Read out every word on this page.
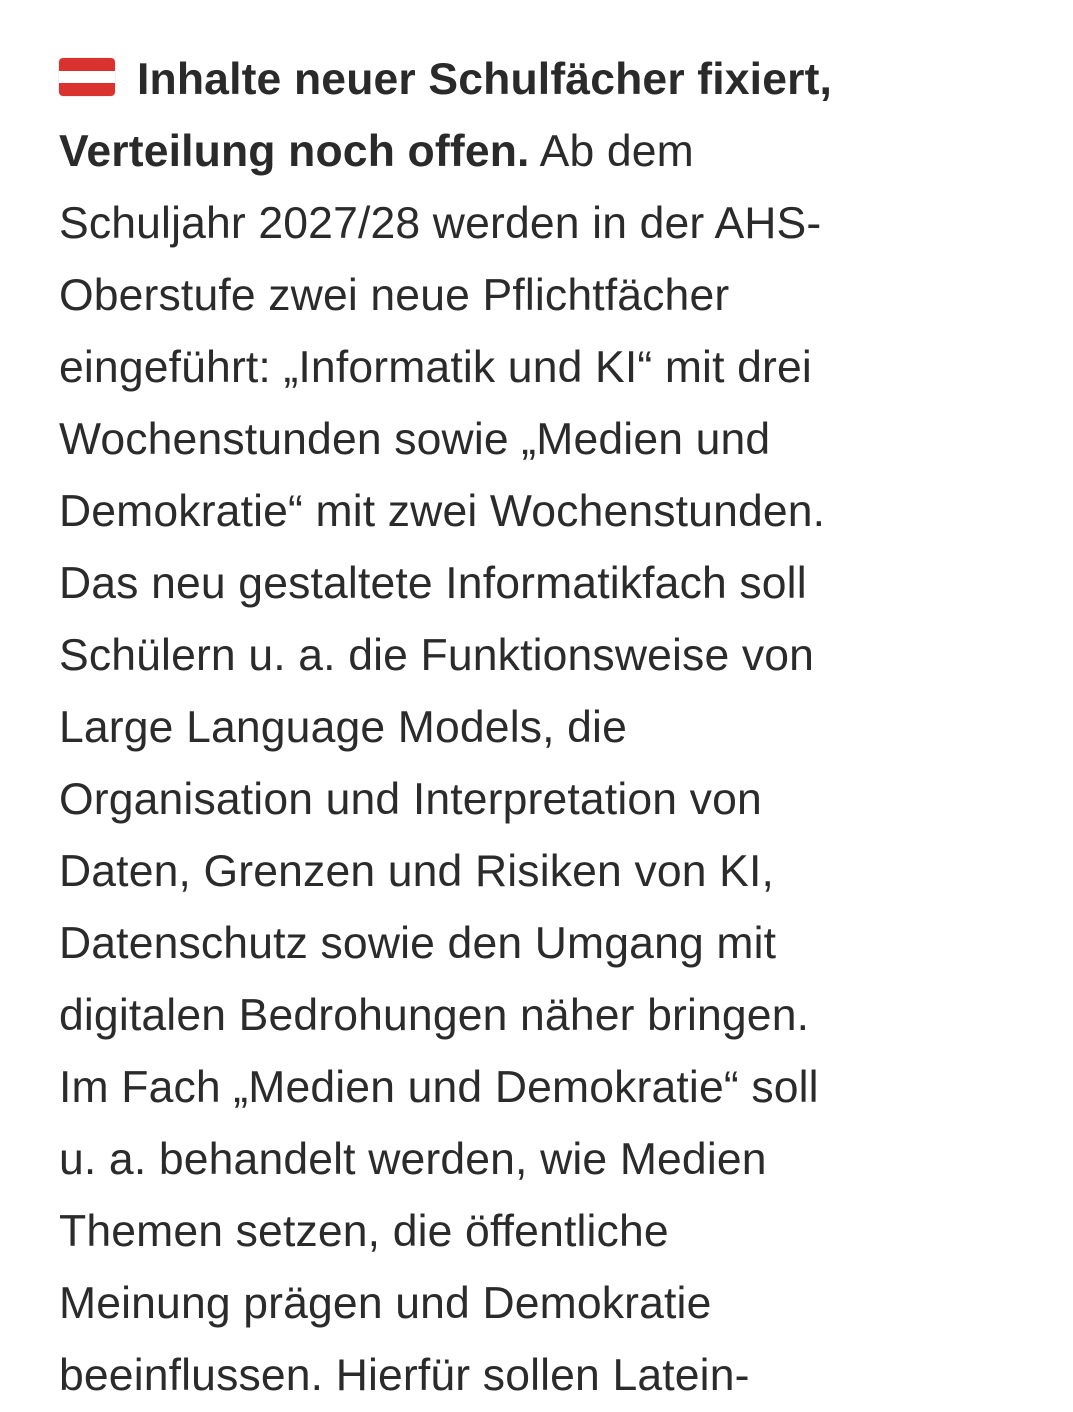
Inhalte neuer Schulfächer fixiert,
Verteilung noch offen. Ab dem
Schuljahr 2027/28 werden in der AHS-
Oberstufe zwei neue Pflichtfächer
eingeführt: „Informatik und KI“ mit drei
Wochenstunden sowie „Medien und
Demokratie“ mit zwei Wochenstunden.
Das neu gestaltete Informatikfach soll
Schülern u. a. die Funktionsweise von
Large Language Models, die
Organisation und Interpretation von
Daten, Grenzen und Risiken von KI,
Datenschutz sowie den Umgang mit
digitalen Bedrohungen näher bringen.
Im Fach „Medien und Demokratie“ soll
u. a. behandelt werden, wie Medien
Themen setzen, die öffentliche
Meinung prägen und Demokratie
beeinflussen. Hierfür sollen Latein-
